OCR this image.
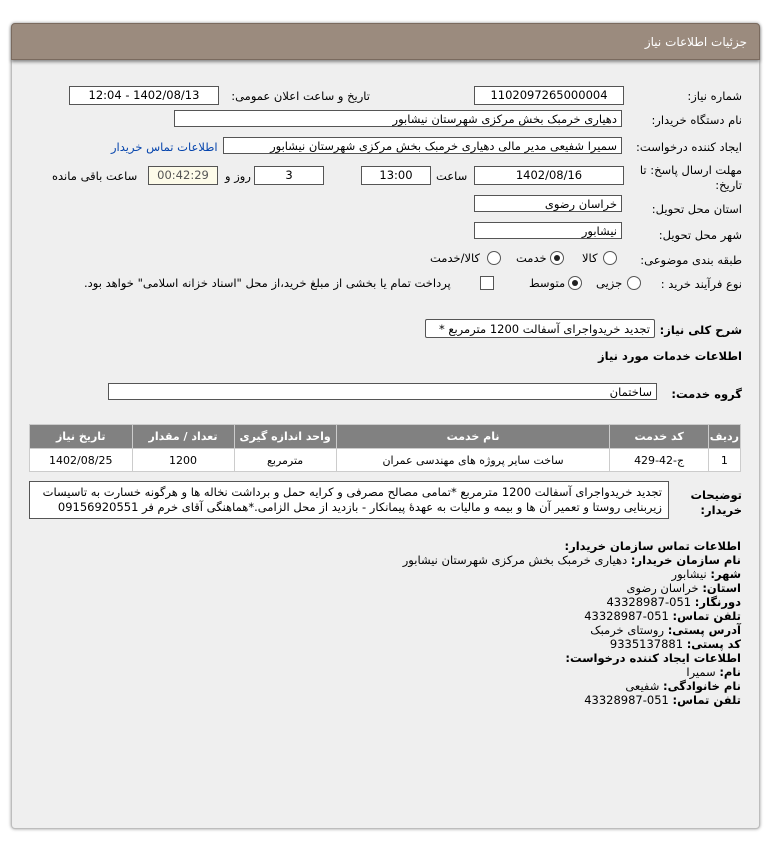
جزئیات اطلاعات نیاز
شماره نیاز:
1102097265000004
تاریخ و ساعت اعلان عمومی:
1402/08/13 - 12:04
نام دستگاه خریدار:
دهیاری خرمبک بخش مرکزی شهرستان نیشابور
ایجاد کننده درخواست:
سمیرا شفیعی مدیر مالی دهیاری خرمبک بخش مرکزی شهرستان نیشابور
اطلاعات تماس خریدار
مهلت ارسال پاسخ: تا
تاریخ:
1402/08/16
ساعت
13:00
3
روز و
00:42:29
ساعت باقی مانده
استان محل تحویل:
خراسان رضوی
شهر محل تحویل:
نیشابور
طبقه بندی موضوعی:
کالا
خدمت
کالا/خدمت
نوع فرآیند خرید :
جزیی
متوسط
پرداخت تمام یا بخشی از مبلغ خرید،از محل "اسناد خزانه اسلامی" خواهد بود.
شرح کلی نیاز:
تجدید خریدواجرای آسفالت 1200 مترمربع *
اطلاعات خدمات مورد نیاز
گروه خدمت:
ساختمان
ردیف	کد خدمت	نام خدمت	واحد اندازه گیری	تعداد / مقدار	تاریخ نیاز
1	ج-42-429	ساخت سایر پروژه های مهندسی عمران	مترمربع	1200	1402/08/25
توضیحات
خریدار:
تجدید خریدواجرای آسفالت 1200 مترمربع *تمامی مصالح مصرفی و کرایه حمل و برداشت نخاله ها و هرگونه خسارت به تاسیسات زیربنایی روستا و تعمیر آن ها و بیمه و مالیات به عهدهٔ پیمانکار - بازدید از محل الزامی.*هماهنگی آقای خرم فر 09156920551
اطلاعات تماس سازمان خریدار:
نام سازمان خریدار: دهیاری خرمبک بخش مرکزی شهرستان نیشابور
شهر: نیشابور
استان: خراسان رضوی
دورنگار: 051-43328987
تلفن تماس: 051-43328987
آدرس پستی: روستای خرمبک
کد پستی: 9335137881
اطلاعات ایجاد کننده درخواست:
نام: سمیرا
نام خانوادگی: شفیعی
تلفن تماس: 051-43328987
